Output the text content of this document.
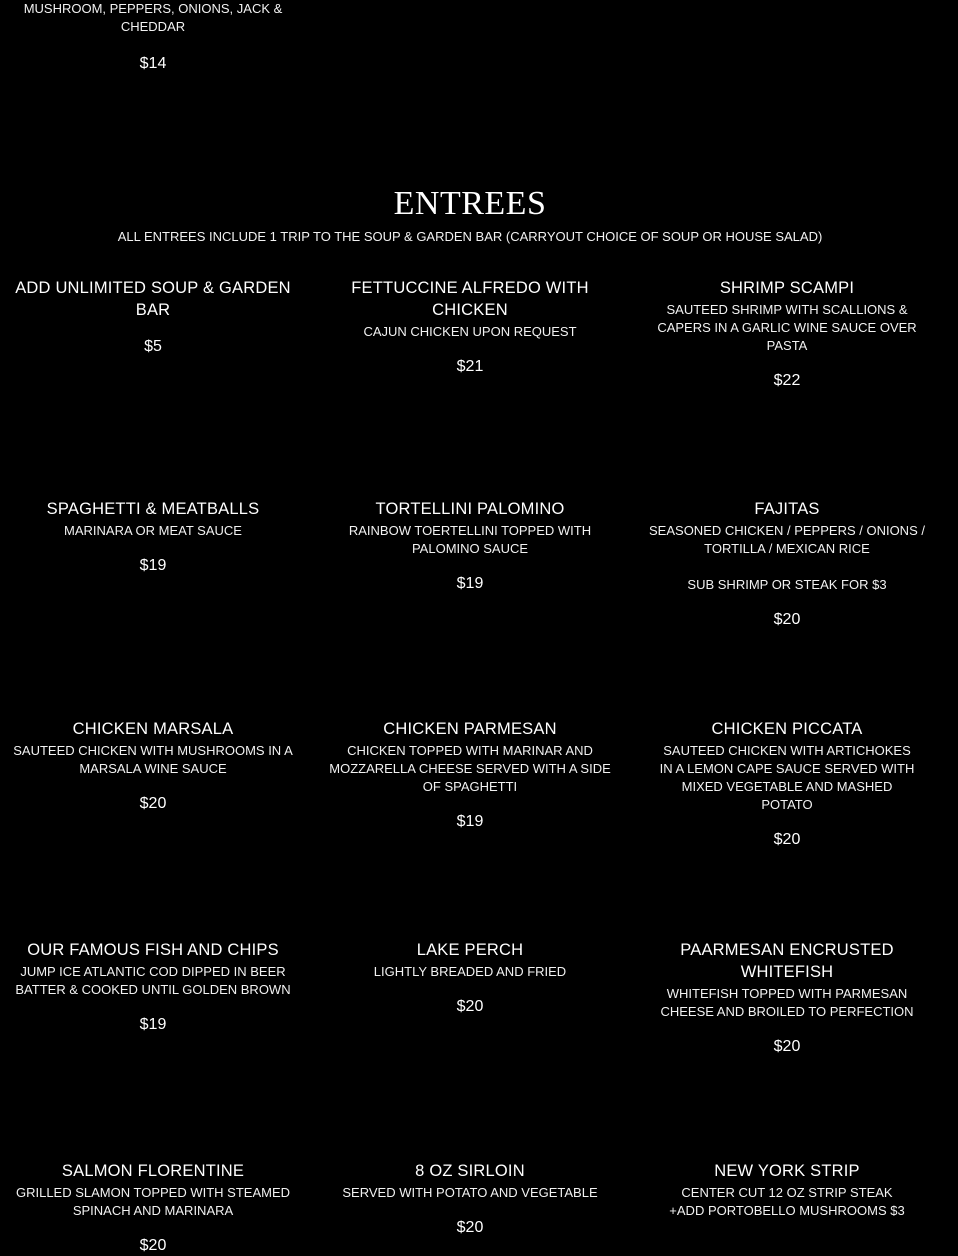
MUSHROOM, PEPPERS, ONIONS, JACK &
CHEDDAR
$14
ENTREES
ALL ENTREES INCLUDE 1 TRIP TO THE SOUP & GARDEN BAR (CARRYOUT CHOICE OF SOUP OR HOUSE SALAD)
ADD UNLIMITED SOUP & GARDEN BAR
$5
FETTUCCINE ALFREDO WITH CHICKEN
CAJUN CHICKEN UPON REQUEST
$21
SHRIMP SCAMPI
SAUTEED SHRIMP WITH SCALLIONS & CAPERS IN A GARLIC WINE SAUCE OVER PASTA
$22
SPAGHETTI & MEATBALLS
MARINARA OR MEAT SAUCE
$19
TORTELLINI PALOMINO
RAINBOW TOERTELLINI TOPPED WITH PALOMINO SAUCE
$19
FAJITAS
SEASONED CHICKEN / PEPPERS / ONIONS / TORTILLA / MEXICAN RICE
SUB SHRIMP OR STEAK FOR $3
$20
CHICKEN MARSALA
SAUTEED CHICKEN WITH MUSHROOMS IN A MARSALA WINE SAUCE
$20
CHICKEN PARMESAN
CHICKEN TOPPED WITH MARINAR AND MOZZARELLA CHEESE SERVED WITH A SIDE OF SPAGHETTI
$19
CHICKEN PICCATA
SAUTEED CHICKEN WITH ARTICHOKES IN A LEMON CAPE SAUCE SERVED WITH MIXED VEGETABLE AND MASHED POTATO
$20
OUR FAMOUS FISH AND CHIPS
JUMP ICE ATLANTIC COD DIPPED IN BEER BATTER & COOKED UNTIL GOLDEN BROWN
$19
LAKE PERCH
LIGHTLY BREADED AND FRIED
$20
PAARMESAN ENCRUSTED WHITEFISH
WHITEFISH TOPPED WITH PARMESAN CHEESE AND BROILED TO PERFECTION
$20
SALMON FLORENTINE
GRILLED SLAMON TOPPED WITH STEAMED SPINACH AND MARINARA
$20
8 OZ SIRLOIN
SERVED WITH POTATO AND VEGETABLE
$20
NEW YORK STRIP
CENTER CUT 12 OZ STRIP STEAK
+ADD PORTOBELLO MUSHROOMS $3
